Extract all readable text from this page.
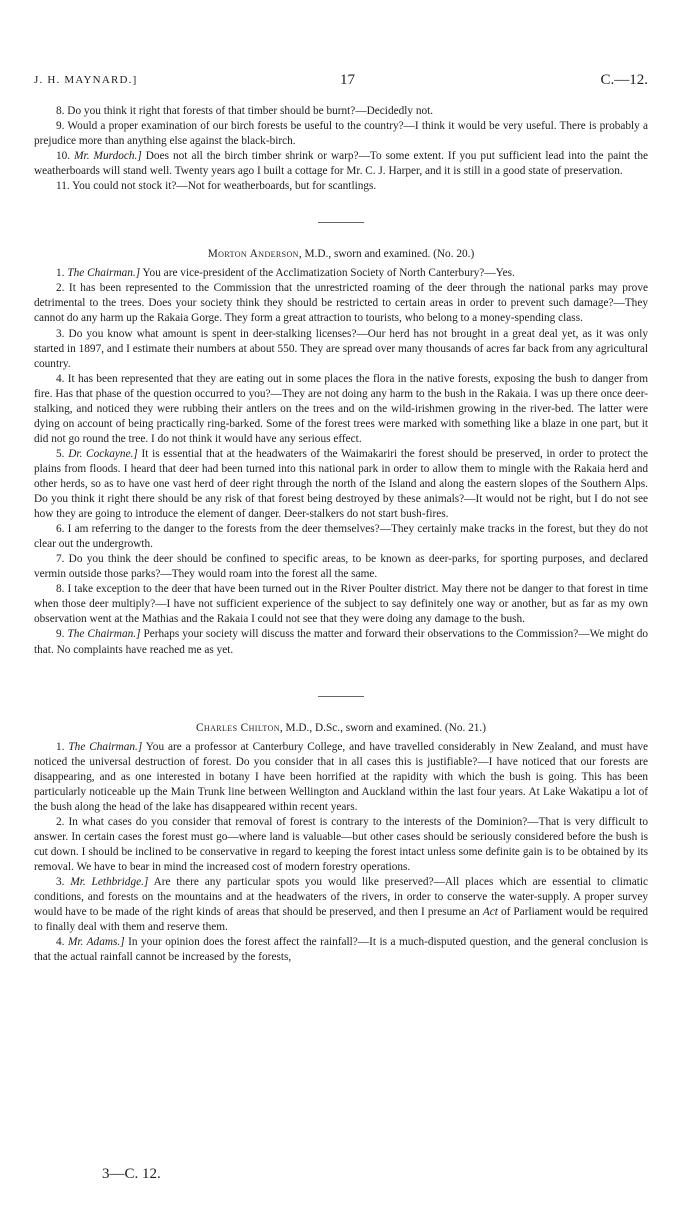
J. H. MAYNARD.]	17	C.—12.

8. Do you think it right that forests of that timber should be burnt?—Decidedly not.

9. Would a proper examination of our birch forests be useful to the country?—I think it would be very useful. There is probably a prejudice more than anything else against the black-birch.

10. Mr. Murdoch.] Does not all the birch timber shrink or warp?—To some extent. If you put sufficient lead into the paint the weatherboards will stand well. Twenty years ago I built a cottage for Mr. C. J. Harper, and it is still in a good state of preservation.

11. You could not stock it?—Not for weatherboards, but for scantlings.

Morton Anderson, M.D., sworn and examined. (No. 20.)

1. The Chairman.] You are vice-president of the Acclimatization Society of North Canterbury?—Yes.

2. It has been represented to the Commission that the unrestricted roaming of the deer through the national parks may prove detrimental to the trees. Does your society think they should be restricted to certain areas in order to prevent such damage?—They cannot do any harm up the Rakaia Gorge. They form a great attraction to tourists, who belong to a money-spending class.

3. Do you know what amount is spent in deer-stalking licenses?—Our herd has not brought in a great deal yet, as it was only started in 1897, and I estimate their numbers at about 550. They are spread over many thousands of acres far back from any agricultural country.

4. It has been represented that they are eating out in some places the flora in the native forests, exposing the bush to danger from fire. Has that phase of the question occurred to you?—They are not doing any harm to the bush in the Rakaia. I was up there once deer-stalking, and noticed they were rubbing their antlers on the trees and on the wild-irishmen growing in the river-bed. The latter were dying on account of being practically ring-barked. Some of the forest trees were marked with something like a blaze in one part, but it did not go round the tree. I do not think it would have any serious effect.

5. Dr. Cockayne.] It is essential that at the headwaters of the Waimakariri the forest should be preserved, in order to protect the plains from floods. I heard that deer had been turned into this national park in order to allow them to mingle with the Rakaia herd and other herds, so as to have one vast herd of deer right through the north of the Island and along the eastern slopes of the Southern Alps. Do you think it right there should be any risk of that forest being destroyed by these animals?—It would not be right, but I do not see how they are going to introduce the element of danger. Deer-stalkers do not start bush-fires.

6. I am referring to the danger to the forests from the deer themselves?—They certainly make tracks in the forest, but they do not clear out the undergrowth.

7. Do you think the deer should be confined to specific areas, to be known as deer-parks, for sporting purposes, and declared vermin outside those parks?—They would roam into the forest all the same.

8. I take exception to the deer that have been turned out in the River Poulter district. May there not be danger to that forest in time when those deer multiply?—I have not sufficient experience of the subject to say definitely one way or another, but as far as my own observation went at the Mathias and the Rakaia I could not see that they were doing any damage to the bush.

9. The Chairman.] Perhaps your society will discuss the matter and forward their observations to the Commission?—We might do that. No complaints have reached me as yet.

Charles Chilton, M.D., D.Sc., sworn and examined. (No. 21.)

1. The Chairman.] You are a professor at Canterbury College, and have travelled considerably in New Zealand, and must have noticed the universal destruction of forest. Do you consider that in all cases this is justifiable?—I have noticed that our forests are disappearing, and as one interested in botany I have been horrified at the rapidity with which the bush is going. This has been particularly noticeable up the Main Trunk line between Wellington and Auckland within the last four years. At Lake Wakatipu a lot of the bush along the head of the lake has disappeared within recent years.

2. In what cases do you consider that removal of forest is contrary to the interests of the Dominion?—That is very difficult to answer. In certain cases the forest must go—where land is valuable—but other cases should be seriously considered before the bush is cut down. I should be inclined to be conservative in regard to keeping the forest intact unless some definite gain is to be obtained by its removal. We have to bear in mind the increased cost of modern forestry operations.

3. Mr. Lethbridge.] Are there any particular spots you would like preserved?—All places which are essential to climatic conditions, and forests on the mountains and at the headwaters of the rivers, in order to conserve the water-supply. A proper survey would have to be made of the right kinds of areas that should be preserved, and then I presume an Act of Parliament would be required to finally deal with them and reserve them.

4. Mr. Adams.] In your opinion does the forest affect the rainfall?—It is a much-disputed question, and the general conclusion is that the actual rainfall cannot be increased by the forests,

3—C. 12.
